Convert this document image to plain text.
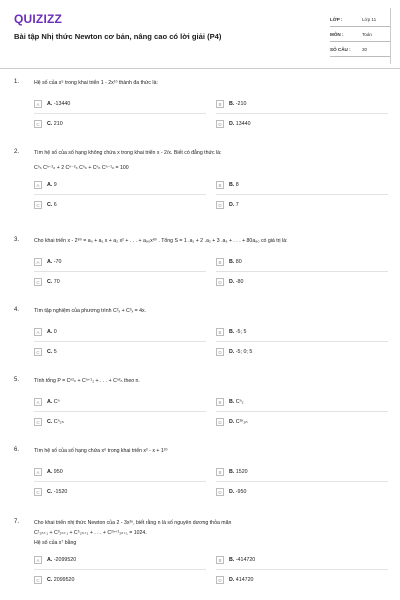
QUIZIZZ
Bài tập Nhị thức Newton cơ bản, nâng cao có lời giải (P4)
LỚP :	Lớp 11
MÔN :	Toán
SỐ CÂU :	30
1.	Hệ số của x⁵ trong khai triển 1 - 2x¹⁰ thành đa thức là:
A	A. -13440	B	B. -210
C	C. 210	D	D. 13440
2.	Tìm hệ số của số hạng không chứa x trong khai triển x - 2/x. Biết có đẳng thức là:
Cⁿₙ Cⁿ⁻²ₙ + 2 Cⁿ⁻²ₙ Cⁿₙ + Cⁿₙ Cⁿ⁻¹ₙ = 100
A	A. 9	B	B. 8
C	C. 6	D	D. 7
3.	Cho khai triển x - 2⁸⁰ = a₀ + a₁ x + a₂ x² + . . . + a₈₀x⁸⁰ . Tổng S = 1 .a₁ + 2 .a₂ + 3 .a₃ + . . . + 80a₈₀ có giá trị là:
A	A. -70	B	B. 80
C	C. 70	D	D. -80
4.	Tìm tập nghiệm của phương trình C²ₓ + C³ₓ = 4x.
A	A. 0	B	B. -5; 5
C	C. 5	D	D. -5; 0; 5
5.	Tính tổng P = Cⁿ²ₙ + Cⁿ⁺¹₂ + . . . + Cⁿ²ₙ theo n.
A	A. Cⁿ	B	B. Cⁿ₂
C	C. Cⁿ₂ₙ	D	D. C²ⁿ₂ₙ
6.	Tìm hệ số của số hạng chứa x⁶ trong khai triển x² - x + 1²⁰
A	A. 950	B	B. 1520
C	C. -1520	D	D. -950
7.	Cho khai triển nhị thức Newton của 2 - 3x²ⁿ, biết rằng n là số nguyên dương thỏa mãn
C¹₂ₙ₊₁ + C³₂ₙ₊₁ + C⁵₂ₙ₊₁ + . . . + C²ⁿ⁺¹₂ₙ₊₁ = 1024.
Hệ số của x⁷ bằng
A	A. -2099520	B	B. -414720
C	C. 2099520	D	D. 414720
